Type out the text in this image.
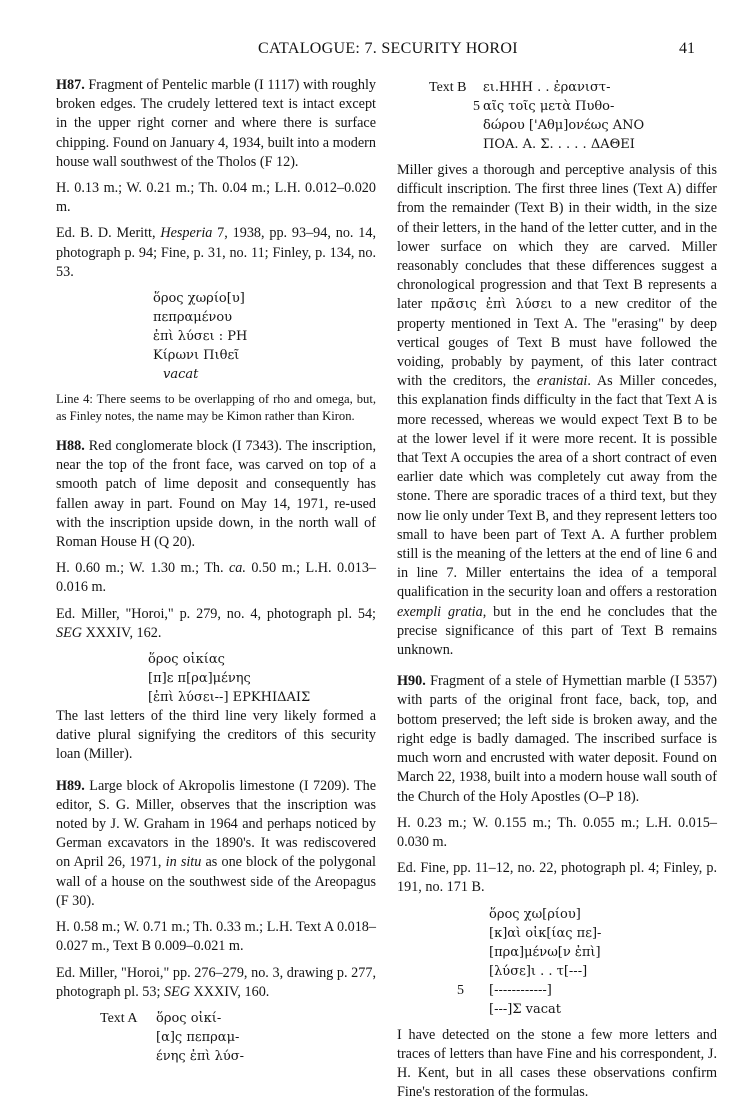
CATALOGUE: 7. SECURITY HOROI	41

H87. Fragment of Pentelic marble (I 1117) with roughly broken edges. The crudely lettered text is intact except in the upper right corner and where there is surface chipping. Found on January 4, 1934, built into a modern house wall southwest of the Tholos (F 12).

H. 0.13 m.; W. 0.21 m.; Th. 0.04 m.; L.H. 0.012–0.020 m.

Ed. B. D. Meritt, Hesperia 7, 1938, pp. 93–94, no. 14, photograph p. 94; Fine, p. 31, no. 11; Finley, p. 134, no. 53.

ὅρος χωρίο[υ]
πεπραμένου
ἐπὶ λύσει : ΡΗ
Κίρωνι Πιθεῖ
vacat

Line 4: There seems to be overlapping of rho and omega, but, as Finley notes, the name may be Kimon rather than Kiron.

H88. Red conglomerate block (I 7343). The inscription, near the top of the front face, was carved on top of a smooth patch of lime deposit and consequently has fallen away in part. Found on May 14, 1971, re-used with the inscription upside down, in the north wall of Roman House H (Q 20).

H. 0.60 m.; W. 1.30 m.; Th. ca. 0.50 m.; L.H. 0.013–0.016 m.

Ed. Miller, "Horoi," p. 279, no. 4, photograph pl. 54; SEG XXXIV, 162.

ὅρος οἰκίας
[π]ε π[ρα]μένης
[ἐπὶ λύσει--] ΕΡΚΗΙΔΑΙΣ

The last letters of the third line very likely formed a dative plural signifying the creditors of this security loan (Miller).

H89. Large block of Akropolis limestone (I 7209). The editor, S. G. Miller, observes that the inscription was noted by J. W. Graham in 1964 and perhaps noticed by German excavators in the 1890's. It was rediscovered on April 26, 1971, in situ as one block of the polygonal wall of a house on the southwest side of the Areopagus (F 30).

H. 0.58 m.; W. 0.71 m.; Th. 0.33 m.; L.H. Text A 0.018–0.027 m., Text B 0.009–0.021 m.

Ed. Miller, "Horoi," pp. 276–279, no. 3, drawing p. 277, photograph pl. 53; SEG XXXIV, 160.

Text A	ὅρος οἰκί-
[α]ς πεπραμ-
ένης ἐπὶ λύσ-
Text B	ει.ΗΗΗ . . ἐρανιστ-
5 αῖς τοῖς μετὰ Πυθο-
δώρου ['Αθμ]ονέως ΑΝΟ
ΠΟΑ. Α. Σ. . . . . ΔΑΘΕΙ

Miller gives a thorough and perceptive analysis of this difficult inscription. The first three lines (Text A) differ from the remainder (Text B) in their width, in the size of their letters, in the hand of the letter cutter, and in the lower surface on which they are carved. Miller reasonably concludes that these differences suggest a chronological progression and that Text B represents a later πρᾶσις ἐπὶ λύσει to a new creditor of the property mentioned in Text A. The "erasing" by deep vertical gouges of Text B must have followed the voiding, probably by payment, of this later contract with the creditors, the eranistai. As Miller concedes, this explanation finds difficulty in the fact that Text A is more recessed, whereas we would expect Text B to be at the lower level if it were more recent. It is possible that Text A occupies the area of a short contract of even earlier date which was completely cut away from the stone. There are sporadic traces of a third text, but they now lie only under Text B, and they represent letters too small to have been part of Text A. A further problem still is the meaning of the letters at the end of line 6 and in line 7. Miller entertains the idea of a temporal qualification in the security loan and offers a restoration exempli gratia, but in the end he concludes that the precise significance of this part of Text B remains unknown.

H90. Fragment of a stele of Hymettian marble (I 5357) with parts of the original front face, back, top, and bottom preserved; the left side is broken away, and the right edge is badly damaged. The inscribed surface is much worn and encrusted with water deposit. Found on March 22, 1938, built into a modern house wall south of the Church of the Holy Apostles (O–P 18).

H. 0.23 m.; W. 0.155 m.; Th. 0.055 m.; L.H. 0.015–0.030 m.

Ed. Fine, pp. 11–12, no. 22, photograph pl. 4; Finley, p. 191, no. 171 B.

ὅρος χω[ρίου]
[κ]αὶ οἰκ[ίας πε]-
[πρα]μένω[ν ἐπὶ]
[λύσε]ι . . τ[---]
5	[------------]
[---]Σ vacat

I have detected on the stone a few more letters and traces of letters than have Fine and his correspondent, J. H. Kent, but in all cases these observations confirm Fine's restoration of the formulas.
